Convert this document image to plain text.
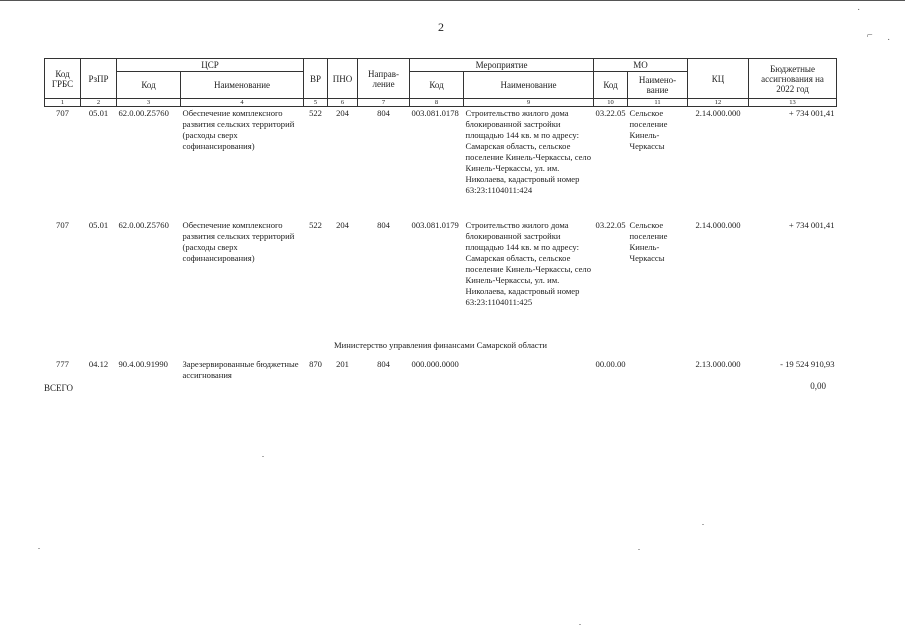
2
˙
⌐
˙
Код ГРБС	РзПР	ЦСР		ВР	ПНО	Направ-ление	Мероприятие		МО		КЦ	Бюджетные ассигнования на 2022 год
		Код	Наименование				Код	Наименование	Код	Наимено-вание		
1	2	3	4	5	6	7	8	9	10	11	12	13
707	05.01	62.0.00.Z5760	Обеспечение комплексного развития сельских территорий (расходы сверх софинансирования)	522	204	804	003.081.0178	Строительство жилого дома блокированной застройки площадью 144 кв. м по адресу: Самарская область, сельское поселение Кинель-Черкассы, село Кинель-Черкассы, ул. им. Николаева, кадастровый номер 63:23:1104011:424	03.22.05	Сельское поселение Кинель-Черкассы	2.14.000.000	+ 734 001,41
707	05.01	62.0.00.Z5760	Обеспечение комплексного развития сельских территорий (расходы сверх софинансирования)	522	204	804	003.081.0179	Строительство жилого дома блокированной застройки площадью 144 кв. м по адресу: Самарская область, сельское поселение Кинель-Черкассы, село Кинель-Черкассы, ул. им. Николаева, кадастровый номер 63:23:1104011:425	03.22.05	Сельское поселение Кинель-Черкассы	2.14.000.000	+ 734 001,41
Министерство управления финансами Самарской области												
777	04.12	90.4.00.91990	Зарезервированные бюджетные ассигнования	870	201	804	000.000.0000		00.00.00		2.13.000.000	- 19 524 910,93
ВСЕГО	0,00
